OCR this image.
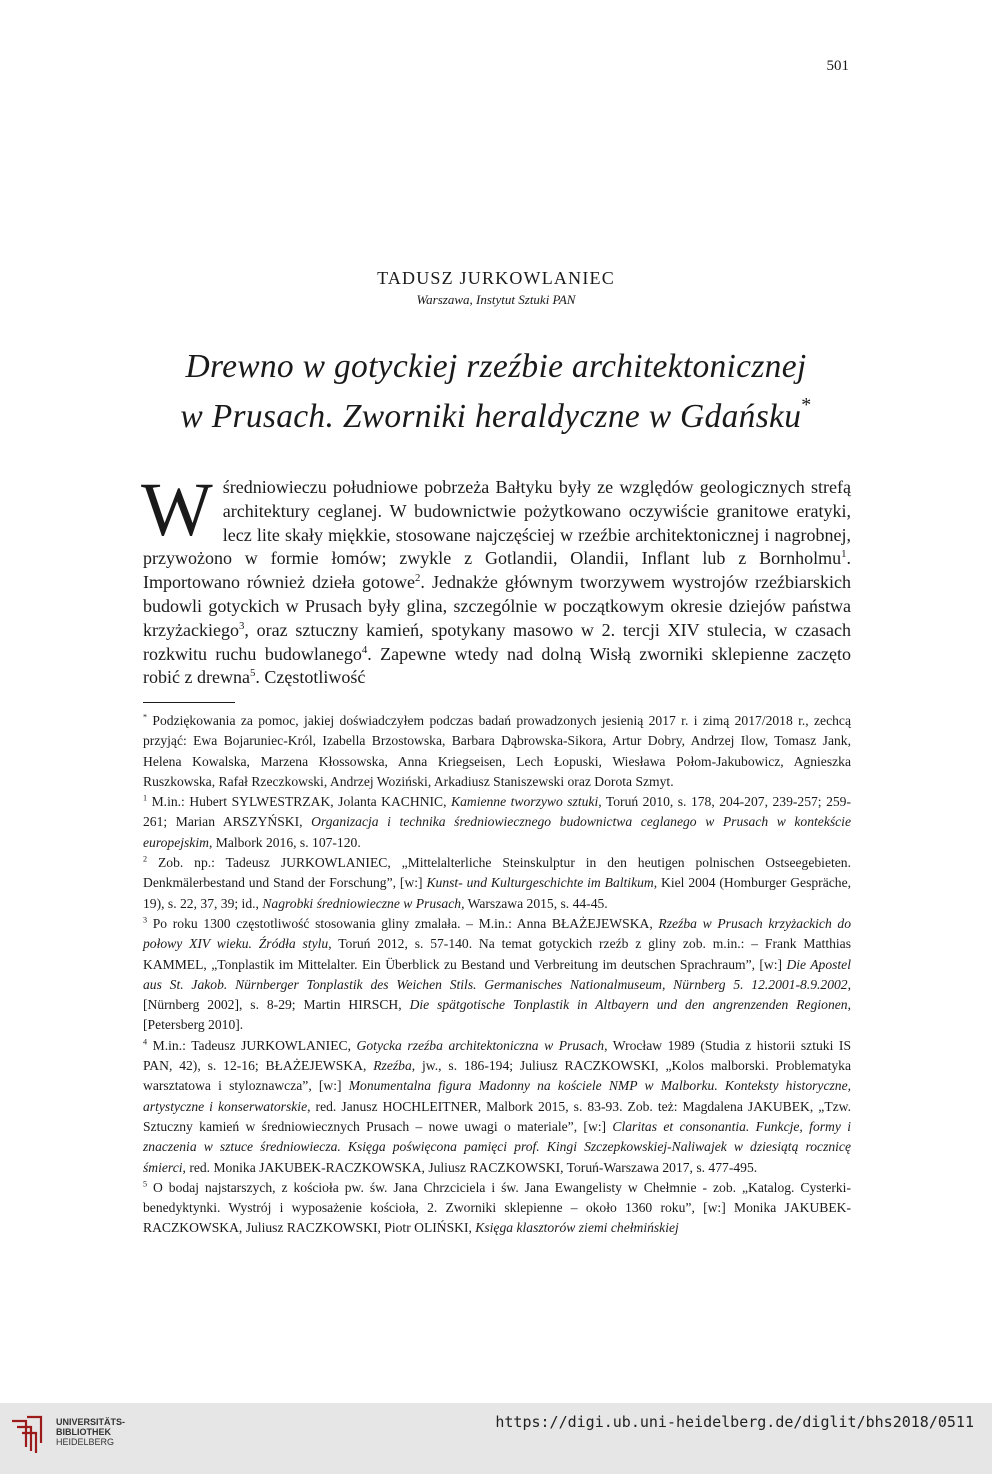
501
TADUSZ JURKOWLANIEC
Warszawa, Instytut Sztuki PAN
Drewno w gotyckiej rzeźbie architektonicznej
w Prusach. Zworniki heraldyczne w Gdańsku*
Wśredniowieczu południowe pobrzeża Bałtyku były ze względów geologicznych strefą architektury ceglanej. W budownictwie pożytkowano oczywiście granitowe eratyki, lecz lite skały miękkie, stosowane najczęściej w rzeźbie architektonicznej i nagrobnej, przywożono w formie łomów; zwykle z Gotlandii, Olandii, Inflant lub z Bornholmu$^1$. Importowano również dzieła gotowe$^2$. Jednakże głównym tworzywem wystrojów rzeźbiarskich budowli gotyckich w Prusach były glina, szczególnie w początkowym okresie dziejów państwa krzyżackiego$^3$, oraz sztuczny kamień, spotykany masowo w 2. tercji XIV stulecia, w czasach rozkwitu ruchu budowlanego$^4$. Zapewne wtedy nad dolną Wisłą zworniki sklepienne zaczęto robić z drewna$^5$. Częstotliwość

* Podziękowania za pomoc, jakiej doświadczyłem podczas badań prowadzonych jesienią 2017 r. i zimą 2017/2018 r., zechcą przyjąć: Ewa Bojaruniec-Król, Izabella Brzostowska, Barbara Dąbrowska-Sikora, Artur Dobry, Andrzej Ilow, Tomasz Jank, Helena Kowalska, Marzena Kłossowska, Anna Kriegseisen, Lech Łopuski, Wiesława Połom-Jakubowicz, Agnieszka Ruszkowska, Rafał Rzeczkowski, Andrzej Woziński, Arkadiusz Staniszewski oraz Dorota Szmyt.

$^1$ M.in.: Hubert SYLWESTRZAK, Jolanta KACHNIC, Kamienne tworzywo sztuki, Toruń 2010, s. 178, 204-207, 239-257; 259-261; Marian ARSZYŃSKI, Organizacja i technika średniowiecznego budownictwa ceglanego w Prusach w kontekście europejskim, Malbork 2016, s. 107-120.

$^2$ Zob. np.: Tadeusz JURKOWLANIEC, „Mittelalterliche Steinskulptur in den heutigen polnischen Ostseegebieten. Denkmälerbestand und Stand der Forschung”, [w:] Kunst- und Kulturgeschichte im Baltikum, Kiel 2004 (Homburger Gespräche, 19), s. 22, 37, 39; id., Nagrobki średniowieczne w Prusach, Warszawa 2015, s. 44-45.

$^3$ Po roku 1300 częstotliwość stosowania gliny zmalała. – M.in.: Anna BŁAŻEJEWSKA, Rzeźba w Prusach krzyżackich do połowy XIV wieku. Źródła stylu, Toruń 2012, s. 57-140. Na temat gotyckich rzeźb z gliny zob. m.in.: – Frank Matthias KAMMEL, „Tonplastik im Mittelalter. Ein Überblick zu Bestand und Verbreitung im deutschen Sprachraum”, [w:] Die Apostel aus St. Jakob. Nürnberger Tonplastik des Weichen Stils. Germanisches Nationalmuseum, Nürnberg 5. 12.2001-8.9.2002, [Nürnberg 2002], s. 8-29; Martin HIRSCH, Die spätgotische Tonplastik in Altbayern und den angrenzenden Regionen, [Petersberg 2010].

$^4$ M.in.: Tadeusz JURKOWLANIEC, Gotycka rzeźba architektoniczna w Prusach, Wrocław 1989 (Studia z historii sztuki IS PAN, 42), s. 12-16; BŁAŻEJEWSKA, Rzeźba, jw., s. 186-194; Juliusz RACZKOWSKI, „Kolos malborski. Problematyka warsztatowa i styloznawcza”, [w:] Monumentalna figura Madonny na kościele NMP w Malborku. Konteksty historyczne, artystyczne i konserwatorskie, red. Janusz HOCHLEITNER, Malbork 2015, s. 83-93. Zob. też: Magdalena JAKUBEK, „Tzw. Sztuczny kamień w średniowiecznych Prusach – nowe uwagi o materiale”, [w:] Claritas et consonantia. Funkcje, formy i znaczenia w sztuce średniowiecza. Księga poświęcona pamięci prof. Kingi Szczepkowskiej-Naliwajek w dziesiątą rocznicę śmierci, red. Monika JAKUBEK-RACZKOWSKA, Juliusz RACZKOWSKI, Toruń-Warszawa 2017, s. 477-495.

$^5$ O bodaj najstarszych, z kościoła pw. św. Jana Chrzciciela i św. Jana Ewangelisty w Chełmnie - zob. „Katalog. Cysterki-benedyktynki. Wystrój i wyposażenie kościoła, 2. Zworniki sklepienne – około 1360 roku”, [w:] Monika JAKUBEK-RACZKOWSKA, Juliusz RACZKOWSKI, Piotr OLIŃSKI, Księga klasztorów ziemi chełmińskiej

UNIVERSITÄTS-
BIBLIOTHEK
HEIDELBERG
https://digi.ub.uni-heidelberg.de/diglit/bhs2018/0511
